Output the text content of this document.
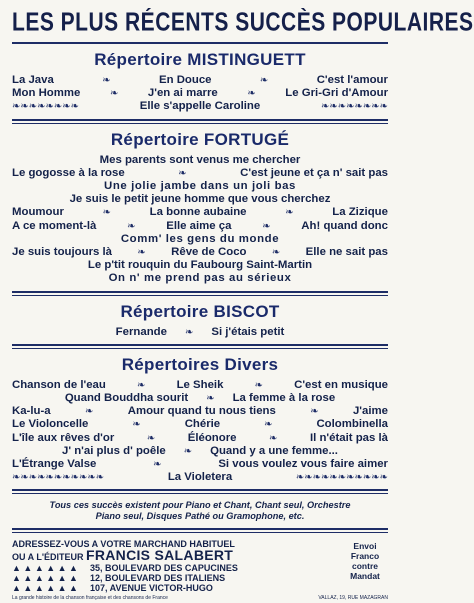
LES PLUS RÉCENTS SUCCÈS POPULAIRES
Répertoire MISTINGUETT
La Java	❧	En Douce	❧	C'est l'amour
Mon Homme	❧	J'en ai marre	❧	Le Gri-Gri d'Amour
❧❧❧❧❧❧❧❧	Elle s'appelle Caroline	❧❧❧❧❧❧❧❧
Répertoire FORTUGÉ
Mes parents sont venus me chercher
Le gogosse à la rose	❧	C'est jeune et ça n' sait pas
Une jolie jambe dans un joli bas
Je suis le petit jeune homme que vous cherchez
Moumour	❧	La bonne aubaine	❧	La Zizique
A ce moment-là	❧	Elle aime ça	❧	Ah! quand donc
Comm' les gens du monde
Je suis toujours là	❧ Rêve de Coco	❧ Elle ne sait pas
Le p'tit rouquin du Faubourg Saint-Martin
On n' me prend pas au sérieux
Répertoire BISCOT
Fernande ❧ Si j'étais petit
Répertoires Divers
Chanson de l'eau	❧	Le Sheik	❧	C'est en musique
Quand Bouddha sourit ❧ La femme à la rose
Ka-lu-a	❧	Amour quand tu nous tiens	❧	J'aime
Le Violoncelle	❧	Chérie	❧	Colombinella
L'île aux rêves d'or	❧	Éléonore	❧	Il n'était pas là
J' n'ai plus d' poêle ❧ Quand y a une femme...
L'Étrange Valse	❧	Si vous voulez vous faire aimer
❧❧❧❧❧❧❧❧❧❧❧	La Violetera	❧❧❧❧❧❧❧❧❧❧❧
Tous ces succès existent pour Piano et Chant, Chant seul, Orchestre
Piano seul, Disques Pathé ou Gramophone, etc.
ADRESSEZ-VOUS A VOTRE MARCHAND HABITUEL
OU A L'ÉDITEUR FRANCIS SALABERT
▲ ▲ ▲ ▲ ▲ ▲
▲ ▲ ▲ ▲ ▲ ▲
▲ ▲ ▲ ▲ ▲ ▲
35, BOULEVARD DES CAPUCINES
12, BOULEVARD DES ITALIENS
107, AVENUE VICTOR-HUGO
Envoi
Franco
contre
Mandat
La grande histoire de la chanson française et des chansons de France	VALLAZ, 19, RUE MAZAGRAN
